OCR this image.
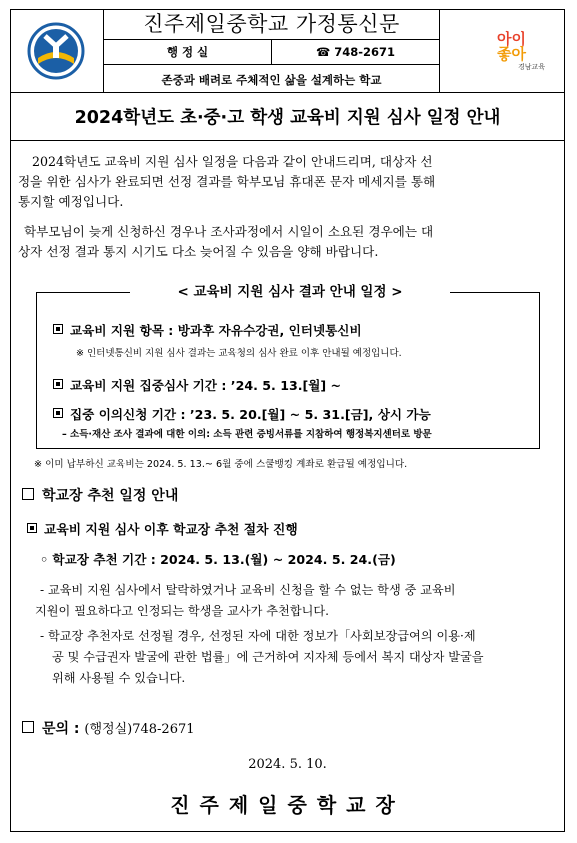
진주제일중학교 가정통신문
행 정 실	☎ 748-2671
존중과 배려로 주체적인 삶을 설계하는 학교
아이
좋아
경남교육
2024학년도 초·중·고 학생 교육비 지원 심사 일정 안내
2024학년도 교육비 지원 심사 일정을 다음과 같이 안내드리며, 대상자 선
정을 위한 심사가 완료되면 선정 결과를 학부모님 휴대폰 문자 메세지를 통해
통지할 예정입니다.
학부모님이 늦게 신청하신 경우나 조사과정에서 시일이 소요된 경우에는 대
상자 선정 결과 통지 시기도 다소 늦어질 수 있음을 양해 바랍니다.
< 교육비 지원 심사 결과 안내 일정 >
교육비 지원 항목 : 방과후 자유수강권, 인터넷통신비
※ 인터넷통신비 지원 심사 결과는 교육청의 심사 완료 이후 안내될 예정입니다.
교육비 지원 집중심사 기간 : ’24. 5. 13.[월] ~
집중 이의신청 기간 : ’23. 5. 20.[월] ~ 5. 31.[금], 상시 가능
– 소득·재산 조사 결과에 대한 이의: 소득 관련 증빙서류를 지참하여 행정복지센터로 방문
※ 이미 납부하신 교육비는 2024. 5. 13.~ 6월 중에 스쿨뱅킹 계좌로 환급될 예정입니다.
학교장 추천 일정 안내
교육비 지원 심사 이후 학교장 추천 절차 진행
◦ 학교장 추천 기간 : 2024. 5. 13.(월) ~ 2024. 5. 24.(금)
- 교육비 지원 심사에서 탈락하였거나 교육비 신청을 할 수 없는 학생 중 교육비
지원이 필요하다고 인정되는 학생을 교사가 추천합니다.
- 학교장 추천자로 선정될 경우, 선정된 자에 대한 정보가「사회보장급여의 이용·제
공 및 수급권자 발굴에 관한 법률」에 근거하여 지자체 등에서 복지 대상자 발굴을
위해 사용될 수 있습니다.
문의 : (행정실)748-2671
2024. 5. 10.
진주제일중학교장
